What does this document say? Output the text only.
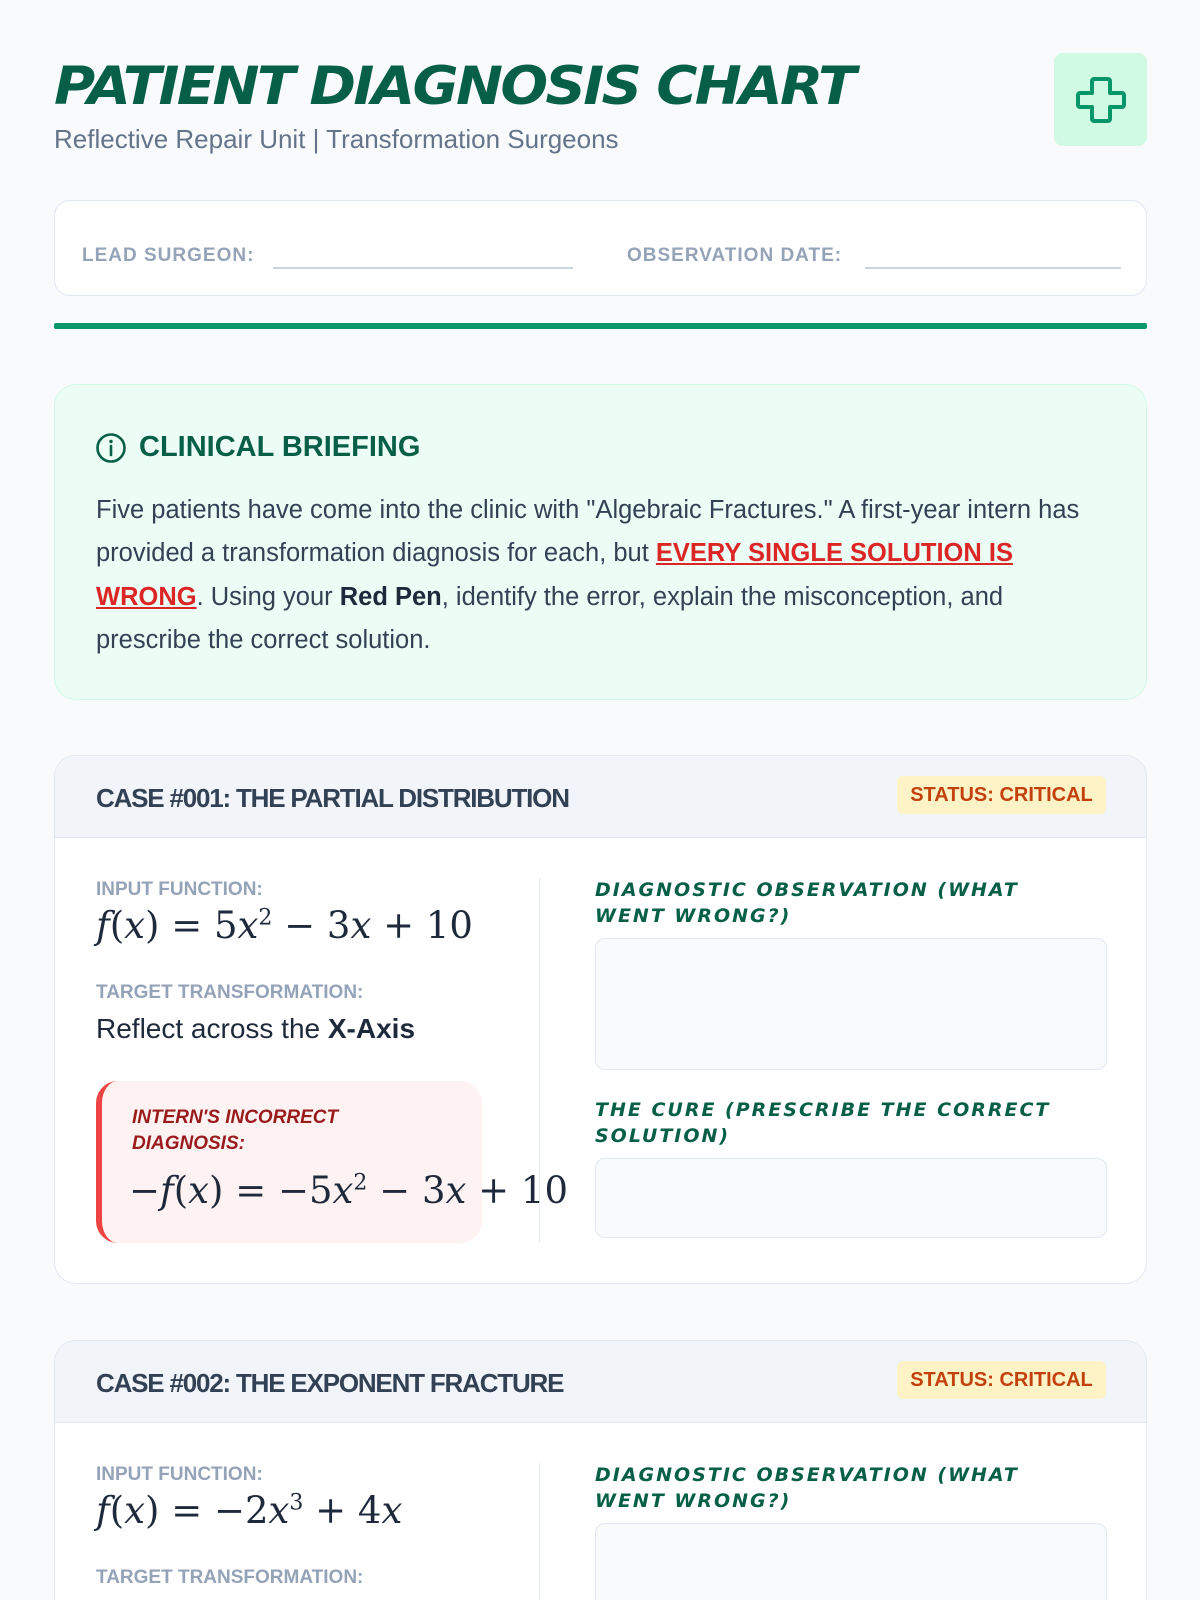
PATIENT DIAGNOSIS CHART
Reflective Repair Unit | Transformation Surgeons
LEAD SURGEON:	OBSERVATION DATE:
CLINICAL BRIEFING
Five patients have come into the clinic with "Algebraic Fractures." A first-year intern has provided a transformation diagnosis for each, but EVERY SINGLE SOLUTION IS WRONG. Using your Red Pen, identify the error, explain the misconception, and prescribe the correct solution.
CASE #001: THE PARTIAL DISTRIBUTION	STATUS: CRITICAL
INPUT FUNCTION:
$f(x) = 5x^2 - 3x + 10$
TARGET TRANSFORMATION:
Reflect across the X-Axis
INTERN'S INCORRECT DIAGNOSIS:
$-f(x) = -5x^2 - 3x + 10$
DIAGNOSTIC OBSERVATION (WHAT WENT WRONG?)
THE CURE (PRESCRIBE THE CORRECT SOLUTION)
CASE #002: THE EXPONENT FRACTURE	STATUS: CRITICAL
INPUT FUNCTION:
$f(x) = -2x^3 + 4x$
TARGET TRANSFORMATION:
DIAGNOSTIC OBSERVATION (WHAT WENT WRONG?)
